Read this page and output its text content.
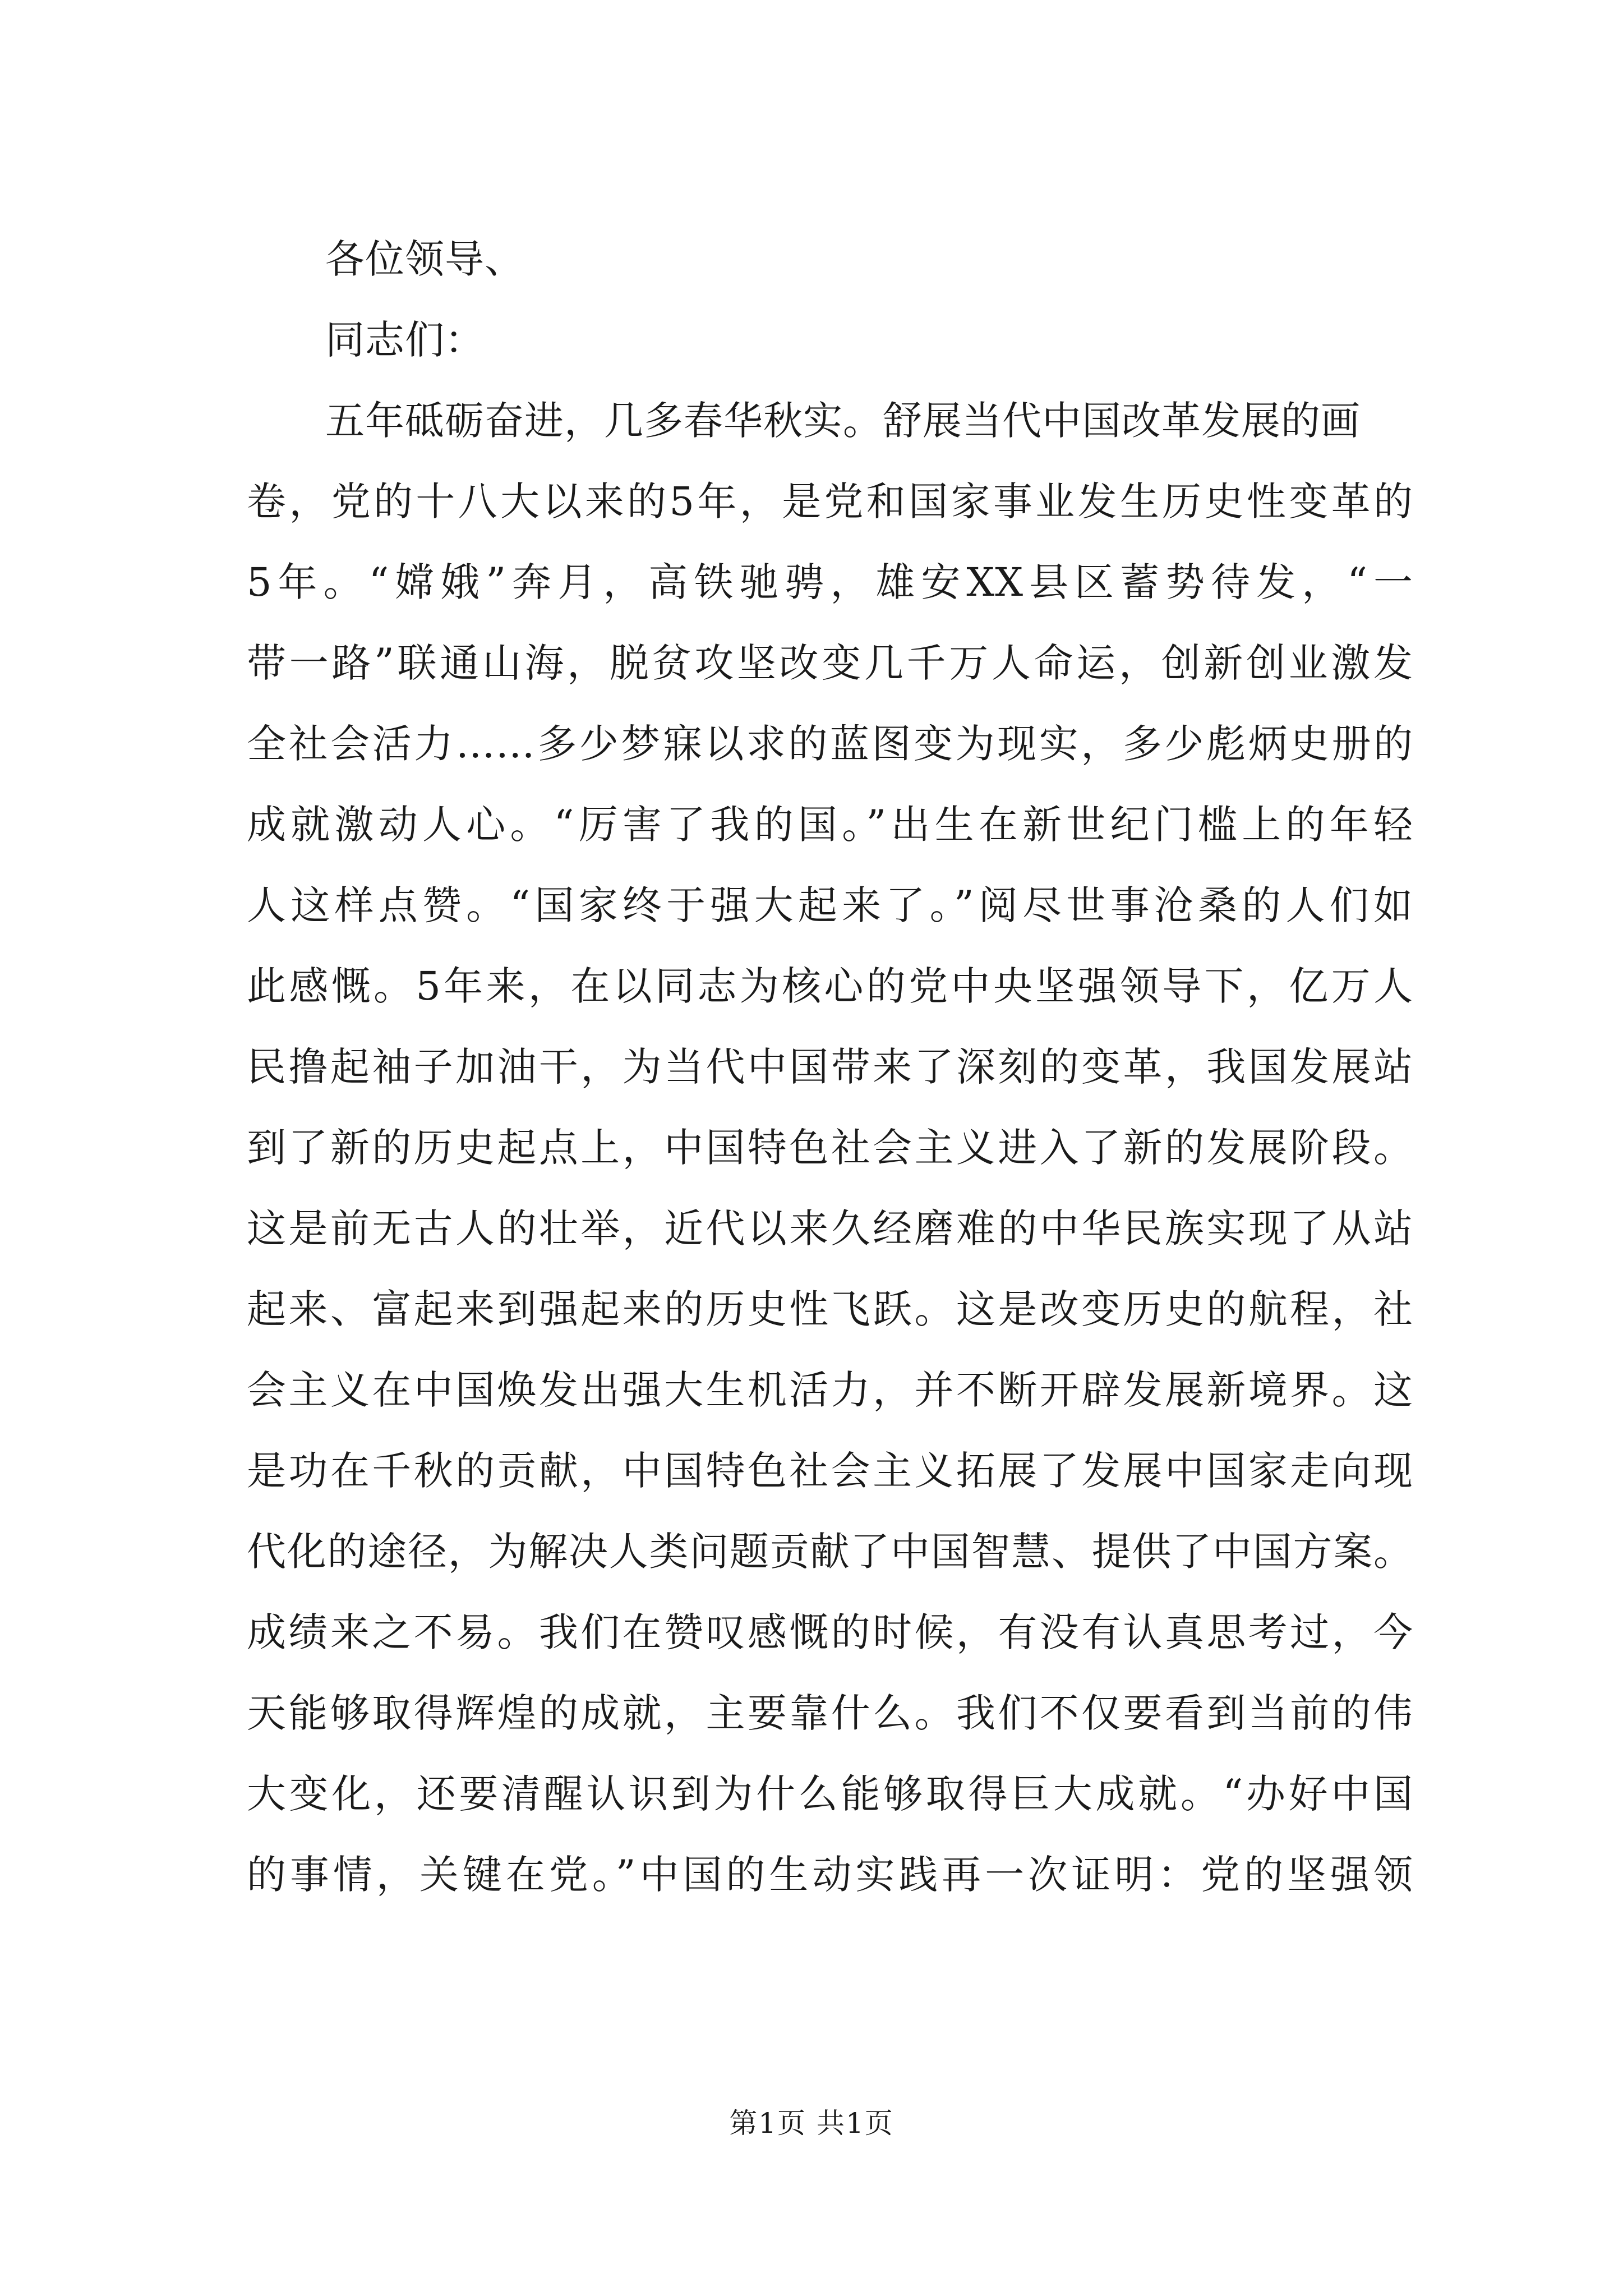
各位领导、
同志们：
五年砥砺奋进，几多春华秋实。舒展当代中国改革发展的画
卷，党的十八大以来的5年，是党和国家事业发生历史性变革的
5年。“嫦娥”奔月，高铁驰骋，雄安XX县区蓄势待发，“一
带一路”联通山海，脱贫攻坚改变几千万人命运，创新创业激发
全社会活力……多少梦寐以求的蓝图变为现实，多少彪炳史册的
成就激动人心。“厉害了我的国。”出生在新世纪门槛上的年轻
人这样点赞。“国家终于强大起来了。”阅尽世事沧桑的人们如
此感慨。5年来，在以同志为核心的党中央坚强领导下，亿万人
民撸起袖子加油干，为当代中国带来了深刻的变革，我国发展站
到了新的历史起点上，中国特色社会主义进入了新的发展阶段。
这是前无古人的壮举，近代以来久经磨难的中华民族实现了从站
起来、富起来到强起来的历史性飞跃。这是改变历史的航程，社
会主义在中国焕发出强大生机活力，并不断开辟发展新境界。这
是功在千秋的贡献，中国特色社会主义拓展了发展中国家走向现
代化的途径，为解决人类问题贡献了中国智慧、提供了中国方案。
成绩来之不易。我们在赞叹感慨的时候，有没有认真思考过，今
天能够取得辉煌的成就，主要靠什么。我们不仅要看到当前的伟
大变化，还要清醒认识到为什么能够取得巨大成就。“办好中国
的事情，关键在党。”中国的生动实践再一次证明：党的坚强领
第1页 共1页
